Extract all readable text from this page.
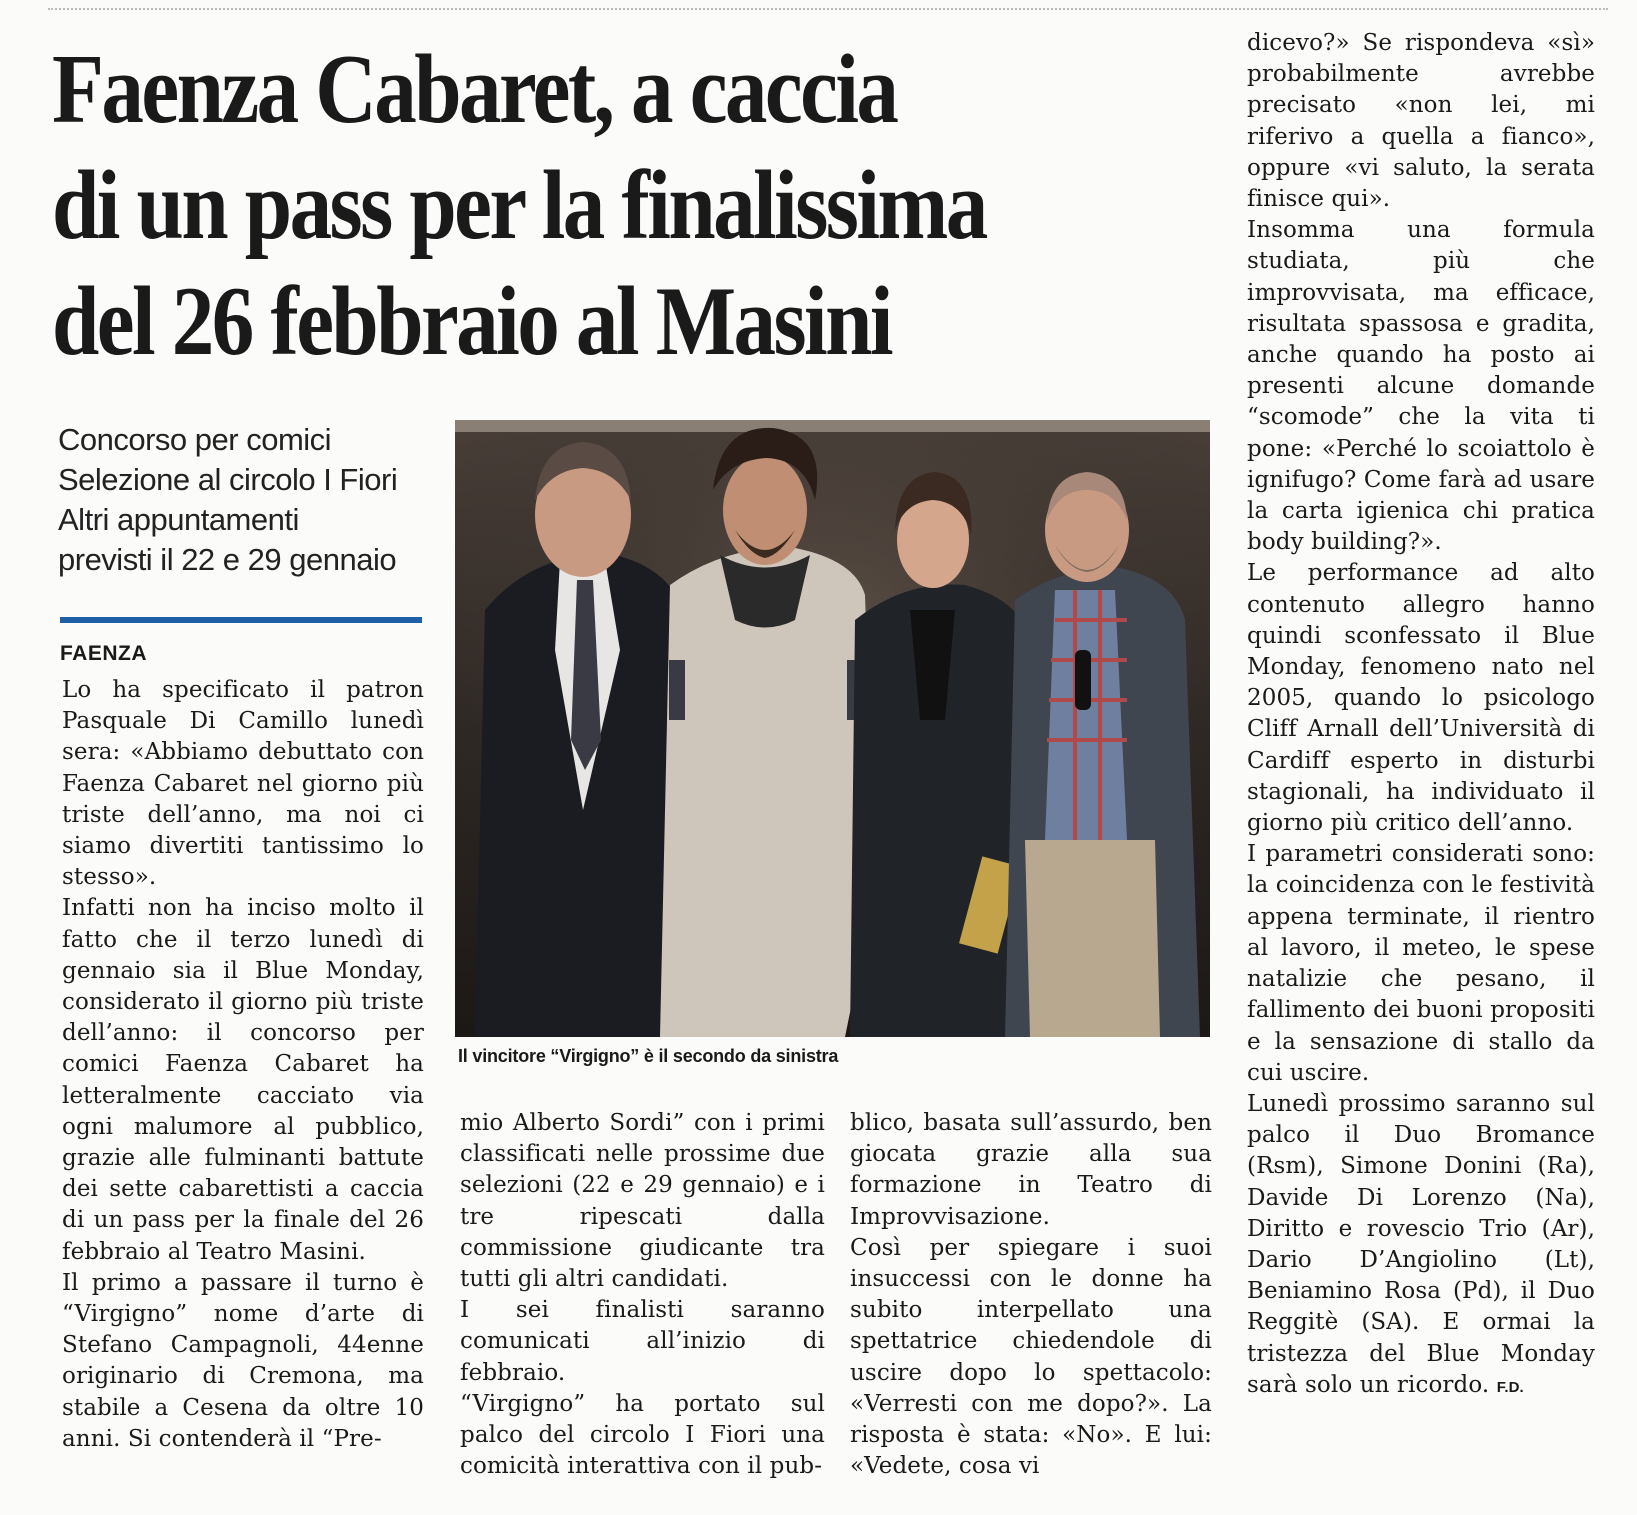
Faenza Cabaret, a caccia
di un pass per la finalissima
del 26 febbraio al Masini
Concorso per comici
Selezione al circolo I Fiori
Altri appuntamenti
previsti il 22 e 29 gennaio
FAENZA

Lo ha specificato il patron Pasquale Di Camillo lunedì sera: «Abbiamo debuttato con Faenza Cabaret nel giorno più triste dell’anno, ma noi ci siamo divertiti tantissimo lo stesso».

Infatti non ha inciso molto il fatto che il terzo lunedì di gennaio sia il Blue Monday, considerato il giorno più triste dell’anno: il concorso per comici Faenza Cabaret ha letteralmente cacciato via ogni malumore al pubblico, grazie alle fulminanti battute dei sette cabarettisti a caccia di un pass per la finale del 26 febbraio al Teatro Masini.

Il primo a passare il turno è “Virgigno” nome d’arte di Stefano Campagnoli, 44enne originario di Cremona, ma stabile a Cesena da oltre 10 anni. Si contenderà il “Pre-

Il vincitore “Virgigno” è il secondo da sinistra

mio Alberto Sordi” con i primi classificati nelle prossime due selezioni (22 e 29 gennaio) e i tre ripescati dalla commissione giudicante tra tutti gli altri candidati.

I sei finalisti saranno comunicati all’inizio di febbraio.

“Virgigno” ha portato sul palco del circolo I Fiori una comicità interattiva con il pub-

blico, basata sull’assurdo, ben giocata grazie alla sua formazione in Teatro di Improvvisazione.

Così per spiegare i suoi insuccessi con le donne ha subito interpellato una spettatrice chiedendole di uscire dopo lo spettacolo: «Verresti con me dopo?». La risposta è stata: «No». E lui: «Vedete, cosa vi

dicevo?» Se rispondeva «sì» probabilmente avrebbe precisato «non lei, mi riferivo a quella a fianco», oppure «vi saluto, la serata finisce qui».

Insomma una formula studiata, più che improvvisata, ma efficace, risultata spassosa e gradita, anche quando ha posto ai presenti alcune domande “scomode” che la vita ti pone: «Perché lo scoiattolo è ignifugo? Come farà ad usare la carta igienica chi pratica body building?».

Le performance ad alto contenuto allegro hanno quindi sconfessato il Blue Monday, fenomeno nato nel 2005, quando lo psicologo Cliff Arnall dell’Università di Cardiff esperto in disturbi stagionali, ha individuato il giorno più critico dell’anno.

I parametri considerati sono: la coincidenza con le festività appena terminate, il rientro al lavoro, il meteo, le spese natalizie che pesano, il fallimento dei buoni propositi e la sensazione di stallo da cui uscire.

Lunedì prossimo saranno sul palco il Duo Bromance (Rsm), Simone Donini (Ra), Davide Di Lorenzo (Na), Diritto e rovescio Trio (Ar), Dario D’Angiolino (Lt), Beniamino Rosa (Pd), il Duo Reggitè (SA). E ormai la tristezza del Blue Monday sarà solo un ricordo. F.D.
